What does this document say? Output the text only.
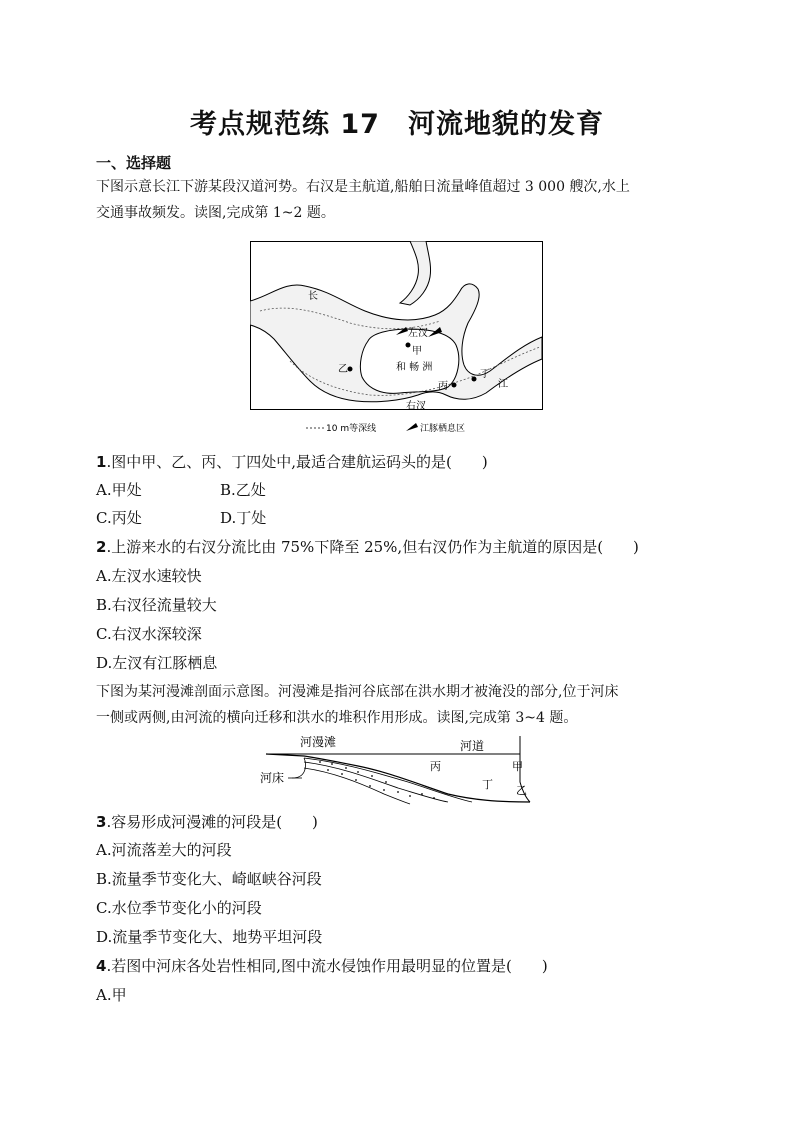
考点规范练 17　河流地貌的发育
一、选择题
下图示意长江下游某段汉道河势。右汉是主航道,船舶日流量峰值超过 3 000 艘次,水上
交通事故频发。读图,完成第 1~2 题。
长
江
左汊
右汊
甲
乙
丙
丁
和 畅 洲
10 m等深线	江豚栖息区
1.图中甲、乙、丙、丁四处中,最适合建航运码头的是(　　)
A.甲处	B.乙处
C.丙处	D.丁处
2.上游来水的右汊分流比由 75%下降至 25%,但右汊仍作为主航道的原因是(　　)
A.左汊水速较快
B.右汊径流量较大
C.右汊水深较深
D.左汊有江豚栖息
下图为某河漫滩剖面示意图。河漫滩是指河谷底部在洪水期才被淹没的部分,位于河床
一侧或两侧,由河流的横向迁移和洪水的堆积作用形成。读图,完成第 3~4 题。
河漫滩	河道
河床
甲
乙
丙
丁
3.容易形成河漫滩的河段是(　　)
A.河流落差大的河段
B.流量季节变化大、崎岖峡谷河段
C.水位季节变化小的河段
D.流量季节变化大、地势平坦河段
4.若图中河床各处岩性相同,图中流水侵蚀作用最明显的位置是(　　)
A.甲
